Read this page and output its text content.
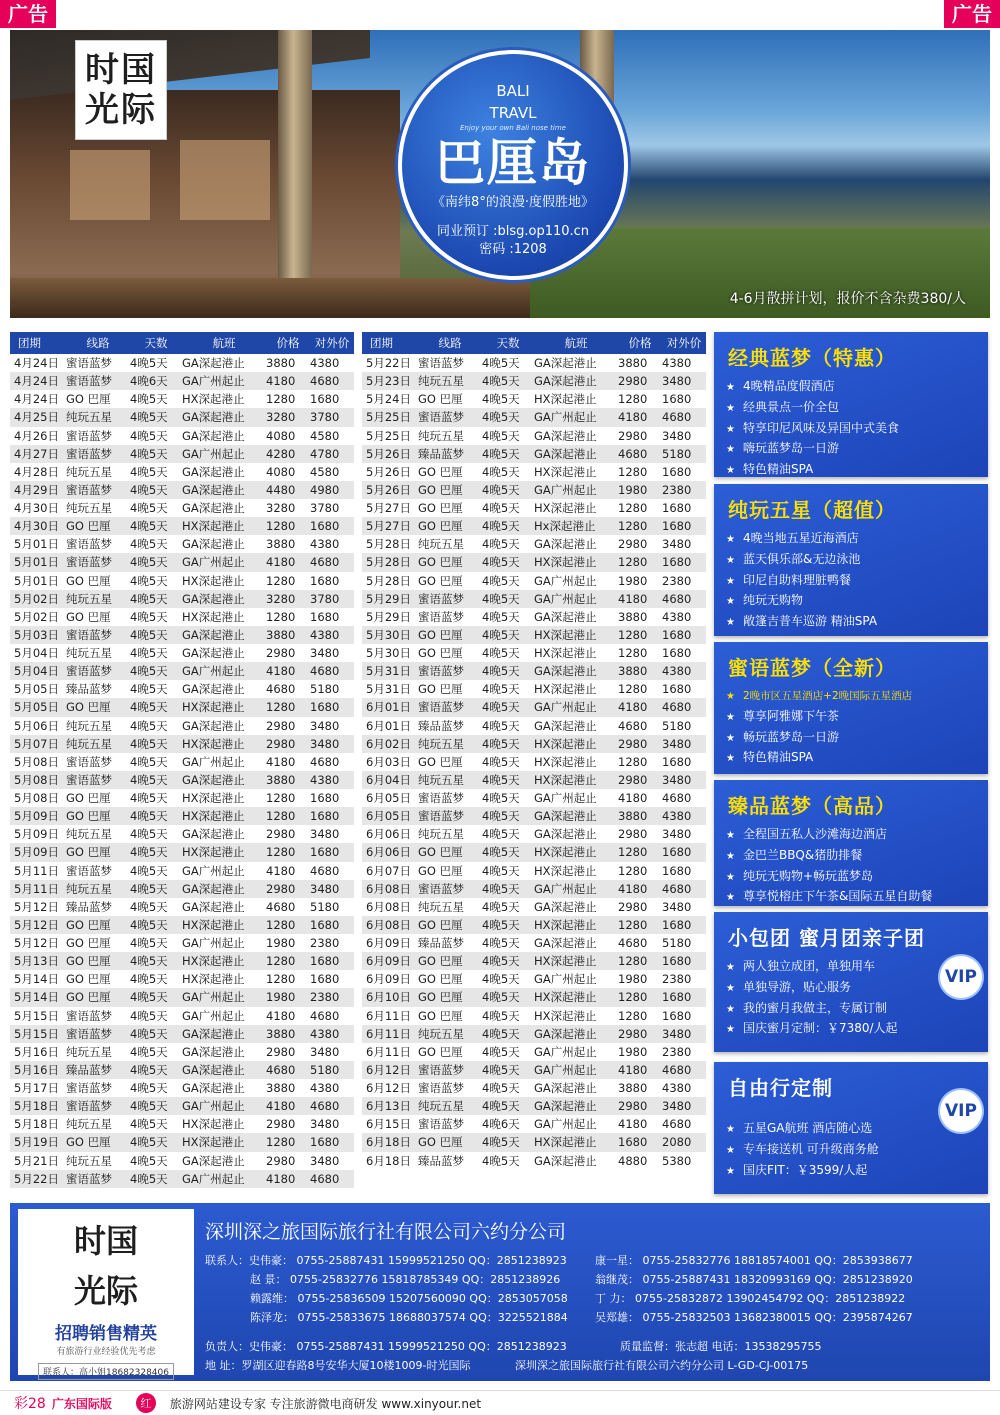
广告	广告
时国
光际	BALI
TRAVL
Enjoy your own Bali nose time
巴厘岛
《南纬8°的浪漫·度假胜地》
同业预订 :blsg.op110.cn
密码 :1208
4-6月散拼计划，报价不含杂费380/人
团期	线路	天数	航班	价格	对外价
4月24日 蜜语蓝梦	4晚5天	GA深起港止	3880	4380
4月24日 蜜语蓝梦	4晚6天	GA广州起止	4180	4680
4月24日 GO 巴厘	4晚5天	HX深起港止	1280	1680
4月25日 纯玩五星	4晚5天	GA深起港止	3280	3780
4月26日 蜜语蓝梦	4晚5天	GA深起港止	4080	4580
4月27日 蜜语蓝梦	4晚5天	GA广州起止	4280	4780
4月28日 纯玩五星	4晚5天	GA深起港止	4080	4580
4月29日 蜜语蓝梦	4晚5天	GA深起港止	4480	4980
4月30日 纯玩五星	4晚5天	GA深起港止	3280	3780
4月30日 GO 巴厘	4晚5天	HX深起港止	1280	1680
5月01日 蜜语蓝梦	4晚5天	GA深起港止	3880	4380
5月01日 蜜语蓝梦	4晚5天	GA广州起止	4180	4680
5月01日 GO 巴厘	4晚5天	HX深起港止	1280	1680
5月02日 纯玩五星	4晚5天	GA深起港止	3280	3780
5月02日 GO 巴厘	4晚5天	HX深起港止	1280	1680
5月03日 蜜语蓝梦	4晚5天	GA深起港止	3880	4380
5月04日 纯玩五星	4晚5天	GA深起港止	2980	3480
5月04日 蜜语蓝梦	4晚5天	GA广州起止	4180	4680
5月05日 臻品蓝梦	4晚5天	GA深起港止	4680	5180
5月05日 GO 巴厘	4晚5天	HX深起港止	1280	1680
5月06日 纯玩五星	4晚5天	GA深起港止	2980	3480
5月07日 纯玩五星	4晚5天	HX深起港止	2980	3480
5月08日 蜜语蓝梦	4晚5天	GA广州起止	4180	4680
5月08日 蜜语蓝梦	4晚5天	GA深起港止	3880	4380
5月08日 GO 巴厘	4晚5天	HX深起港止	1280	1680
5月09日 GO 巴厘	4晚5天	HX深起港止	1280	1680
5月09日 纯玩五星	4晚5天	GA深起港止	2980	3480
5月09日 GO 巴厘	4晚5天	HX深起港止	1280	1680
5月11日 蜜语蓝梦	4晚5天	GA广州起止	4180	4680
5月11日 纯玩五星	4晚5天	GA深起港止	2980	3480
5月12日 臻品蓝梦	4晚5天	GA深起港止	4680	5180
5月12日 GO 巴厘	4晚5天	HX深起港止	1280	1680
5月12日 GO 巴厘	4晚5天	GA广州起止	1980	2380
5月13日 GO 巴厘	4晚5天	HX深起港止	1280	1680
5月14日 GO 巴厘	4晚5天	HX深起港止	1280	1680
5月14日 GO 巴厘	4晚5天	GA广州起止	1980	2380
5月15日 蜜语蓝梦	4晚5天	GA广州起止	4180	4680
5月15日 蜜语蓝梦	4晚5天	GA深起港止	3880	4380
5月16日 纯玩五星	4晚5天	GA深起港止	2980	3480
5月16日 臻品蓝梦	4晚5天	GA深起港止	4680	5180
5月17日 蜜语蓝梦	4晚5天	GA深起港止	3880	4380
5月18日 蜜语蓝梦	4晚5天	GA广州起止	4180	4680
5月18日 纯玩五星	4晚5天	HX深起港止	2980	3480
5月19日 GO 巴厘	4晚5天	HX深起港止	1280	1680
5月21日 纯玩五星	4晚5天	GA深起港止	2980	3480
5月22日 蜜语蓝梦	4晚5天	GA广州起止	4180	4680
团期	线路	天数	航班	价格	对外价
5月22日 蜜语蓝梦	4晚5天	GA深起港止	3880	4380
5月23日 纯玩五星	4晚5天	GA深起港止	2980	3480
5月24日 GO 巴厘	4晚5天	HX深起港止	1280	1680
5月25日 蜜语蓝梦	4晚5天	GA广州起止	4180	4680
5月25日 纯玩五星	4晚5天	GA深起港止	2980	3480
5月26日 臻品蓝梦	4晚5天	GA深起港止	4680	5180
5月26日 GO 巴厘	4晚5天	HX深起港止	1280	1680
5月26日 GO 巴厘	4晚5天	GA广州起止	1980	2380
5月27日 GO 巴厘	4晚5天	HX深起港止	1280	1680
5月27日 GO 巴厘	4晚5天	Hx深起港止	1280	1680
5月28日 纯玩五星	4晚5天	GA深起港止	2980	3480
5月28日 GO 巴厘	4晚5天	HX深起港止	1280	1680
5月28日 GO 巴厘	4晚5天	GA广州起止	1980	2380
5月29日 蜜语蓝梦	4晚5天	GA广州起止	4180	4680
5月29日 蜜语蓝梦	4晚5天	GA深起港止	3880	4380
5月30日 GO 巴厘	4晚5天	HX深起港止	1280	1680
5月30日 GO 巴厘	4晚5天	HX深起港止	1280	1680
5月31日 蜜语蓝梦	4晚5天	GA深起港止	3880	4380
5月31日 GO 巴厘	4晚5天	HX深起港止	1280	1680
6月01日 蜜语蓝梦	4晚5天	GA广州起止	4180	4680
6月01日 臻品蓝梦	4晚5天	GA深起港止	4680	5180
6月02日 纯玩五星	4晚5天	HX深起港止	2980	3480
6月03日 GO 巴厘	4晚5天	HX深起港止	1280	1680
6月04日 纯玩五星	4晚5天	HX深起港止	2980	3480
6月05日 蜜语蓝梦	4晚5天	GA广州起止	4180	4680
6月05日 蜜语蓝梦	4晚5天	GA深起港止	3880	4380
6月06日 纯玩五星	4晚5天	GA深起港止	2980	3480
6月06日 GO 巴厘	4晚5天	HX深起港止	1280	1680
6月07日 GO 巴厘	4晚5天	HX深起港止	1280	1680
6月08日 蜜语蓝梦	4晚5天	GA广州起止	4180	4680
6月08日 纯玩五星	4晚5天	GA深起港止	2980	3480
6月08日 GO 巴厘	4晚5天	HX深起港止	1280	1680
6月09日 臻品蓝梦	4晚5天	GA深起港止	4680	5180
6月09日 GO 巴厘	4晚5天	HX深起港止	1280	1680
6月09日 GO 巴厘	4晚5天	GA广州起止	1980	2380
6月10日 GO 巴厘	4晚5天	HX深起港止	1280	1680
6月11日 GO 巴厘	4晚5天	HX深起港止	1280	1680
6月11日 纯玩五星	4晚5天	GA深起港止	2980	3480
6月11日 GO 巴厘	4晚5天	GA广州起止	1980	2380
6月12日 蜜语蓝梦	4晚5天	GA广州起止	4180	4680
6月12日 蜜语蓝梦	4晚5天	GA深起港止	3880	4380
6月13日 纯玩五星	4晚5天	GA深起港止	2980	3480
6月15日 蜜语蓝梦	4晚6天	GA广州起止	4180	4680
6月18日 GO 巴厘	4晚5天	HX深起港止	1680	2080
6月18日 臻品蓝梦	4晚5天	GA深起港止	4880	5380
经典蓝梦（特惠）
★ 4晚精品度假酒店
★ 经典景点一价全包
★ 特享印尼风味及异国中式美食
★ 嗨玩蓝梦岛一日游
★ 特色精油SPA
纯玩五星（超值）
★ 4晚当地五星近海酒店
★ 蓝天俱乐部&无边泳池
★ 印尼自助料理脏鸭餐
★ 纯玩无购物
★ 敞篷吉普车巡游 精油SPA
蜜语蓝梦（全新）
★ 2晚市区五星酒店+2晚国际五星酒店
★ 尊享阿雅娜下午茶
★ 畅玩蓝梦岛一日游
★ 特色精油SPA
臻品蓝梦（高品）
★ 全程国五私人沙滩海边酒店
★ 金巴兰BBQ&猪肋排餐
★ 纯玩无购物+畅玩蓝梦岛
★ 尊享悦榕庄下午茶&国际五星自助餐
小包团 蜜月团亲子团
★ 两人独立成团，单独用车
★ 单独导游，贴心服务
★ 我的蜜月我做主，专属订制
★ 国庆蜜月定制：￥7380/人起
VIP
自由行定制
★ 五星GA航班 酒店随心选
★ 专车接送机 可升级商务舱
★ 国庆FIT：￥3599/人起
VIP
时国
光际
招聘销售精英
有旅游行业经验优先考虑
联系人：高小姐18682328406
深圳深之旅国际旅行社有限公司六约分公司
联系人：史伟豪： 0755-25887431 15999521250 QQ：2851238923
赵 景： 0755-25832776 15818785349 QQ：2851238926
赖露维： 0755-25836509 15207560090 QQ：2853057058
陈泽龙： 0755-25833675 18688037574 QQ：3225521884
康一星： 0755-25832776 18818574001 QQ：2853938677
翁继茂： 0755-25887431 18320993169 QQ：2851238920
丁 力： 0755-25832872 13902454792 QQ：2851238922
吴郑雄： 0755-25832503 13682380015 QQ：2395874267
负责人：史伟豪： 0755-25887431 15999521250 QQ：2851238923	质量监督：张志超 电话：13538295755
地 址：罗湖区迎春路8号安华大厦10楼1009-时光国际	深圳深之旅国际旅行社有限公司六约分公司 L-GD-CJ-00175
彩28 广东国际版	红	旅游网站建设专家 专注旅游微电商研发 www.xinyour.net
